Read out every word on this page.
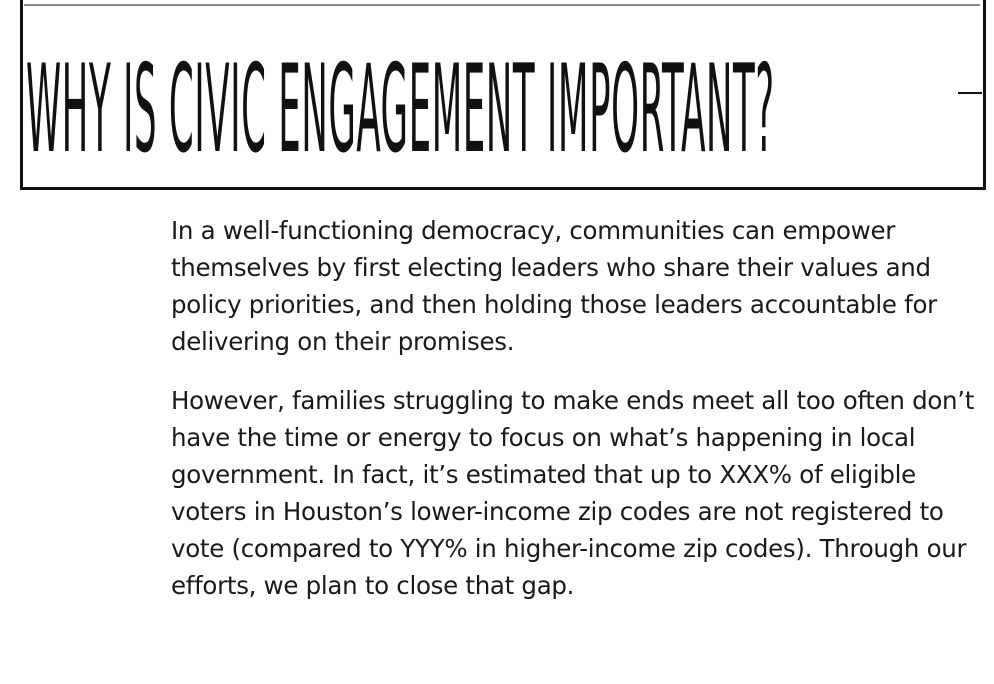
WHY IS CIVIC ENGAGEMENT IMPORTANT?

In a well-functioning democracy, communities can empower themselves by first electing leaders who share their values and policy priorities, and then holding those leaders accountable for delivering on their promises.

However, families struggling to make ends meet all too often don’t have the time or energy to focus on what’s happening in local government. In fact, it’s estimated that up to XXX% of eligible voters in Houston’s lower-income zip codes are not registered to vote (compared to YYY% in higher-income zip codes). Through our efforts, we plan to close that gap.
